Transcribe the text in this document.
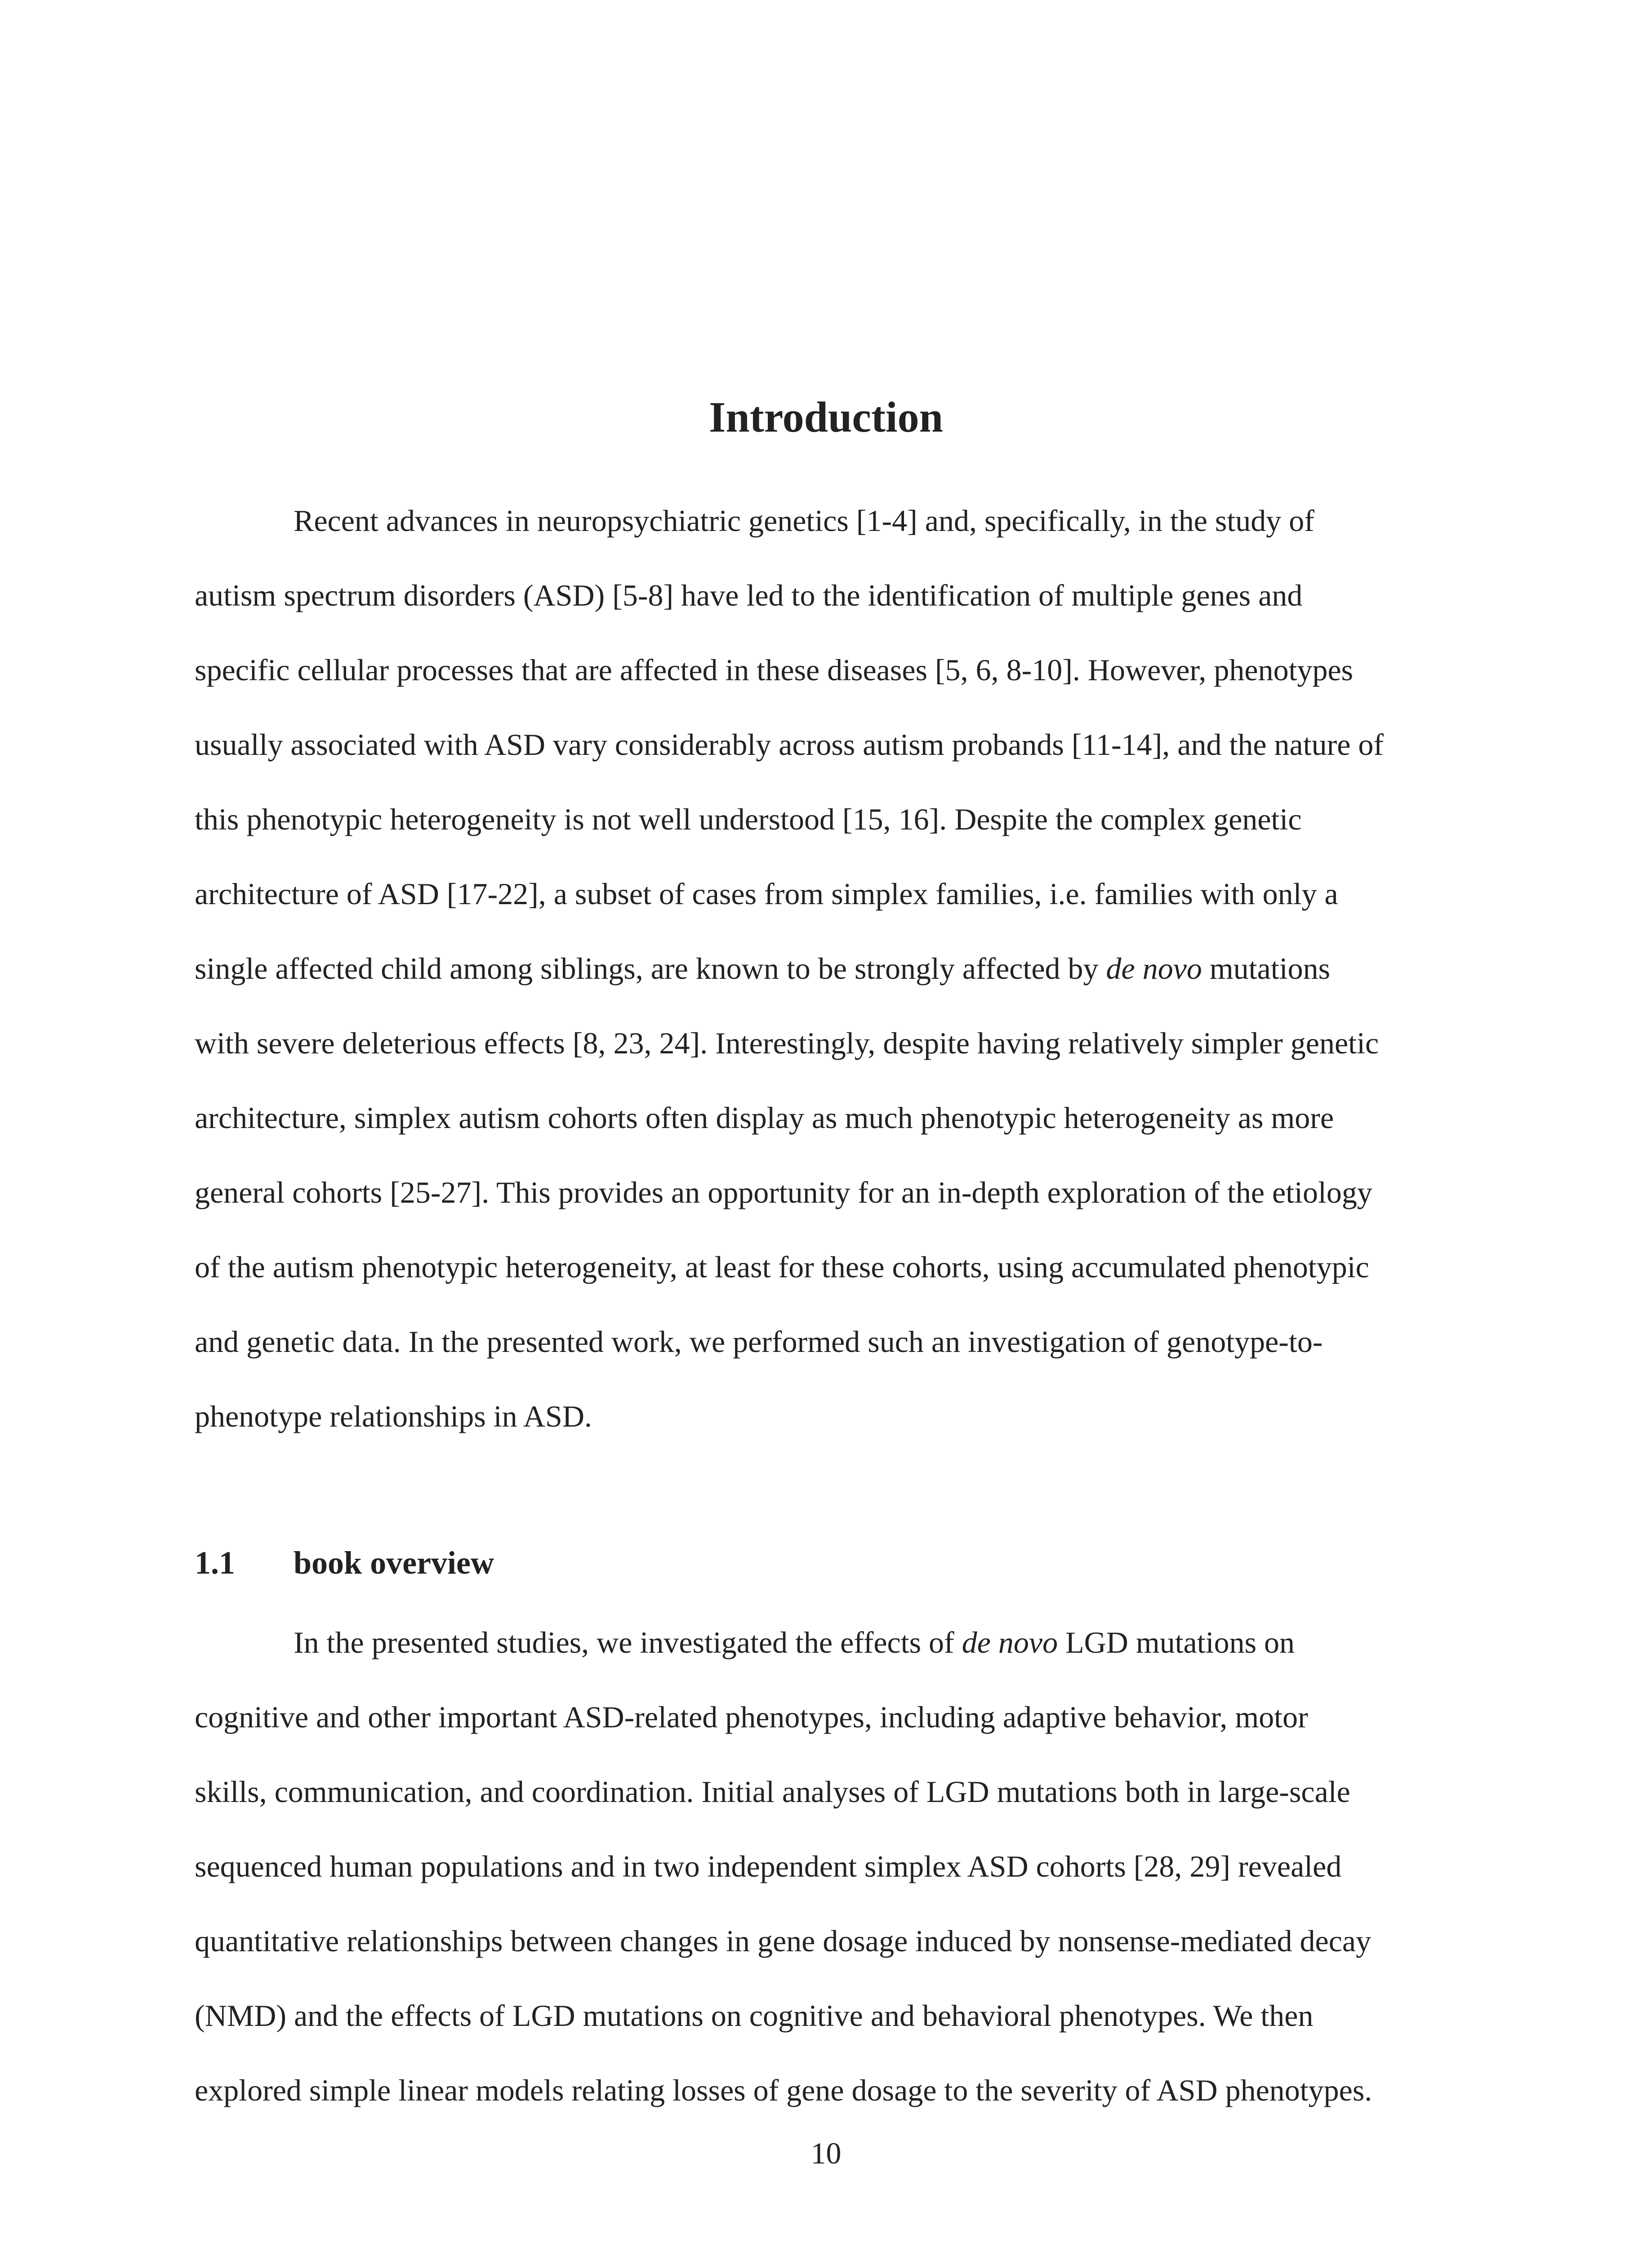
Introduction

Recent advances in neuropsychiatric genetics [1-4] and, specifically, in the study of
autism spectrum disorders (ASD) [5-8] have led to the identification of multiple genes and
specific cellular processes that are affected in these diseases [5, 6, 8-10]. However, phenotypes
usually associated with ASD vary considerably across autism probands [11-14], and the nature of
this phenotypic heterogeneity is not well understood [15, 16]. Despite the complex genetic
architecture of ASD [17-22], a subset of cases from simplex families, i.e. families with only a
single affected child among siblings, are known to be strongly affected by de novo mutations
with severe deleterious effects [8, 23, 24]. Interestingly, despite having relatively simpler genetic
architecture, simplex autism cohorts often display as much phenotypic heterogeneity as more
general cohorts [25-27]. This provides an opportunity for an in-depth exploration of the etiology
of the autism phenotypic heterogeneity, at least for these cohorts, using accumulated phenotypic
and genetic data. In the presented work, we performed such an investigation of genotype-to-
phenotype relationships in ASD.

1.1 book overview

In the presented studies, we investigated the effects of de novo LGD mutations on
cognitive and other important ASD-related phenotypes, including adaptive behavior, motor
skills, communication, and coordination. Initial analyses of LGD mutations both in large-scale
sequenced human populations and in two independent simplex ASD cohorts [28, 29] revealed
quantitative relationships between changes in gene dosage induced by nonsense-mediated decay
(NMD) and the effects of LGD mutations on cognitive and behavioral phenotypes. We then
explored simple linear models relating losses of gene dosage to the severity of ASD phenotypes.

10
